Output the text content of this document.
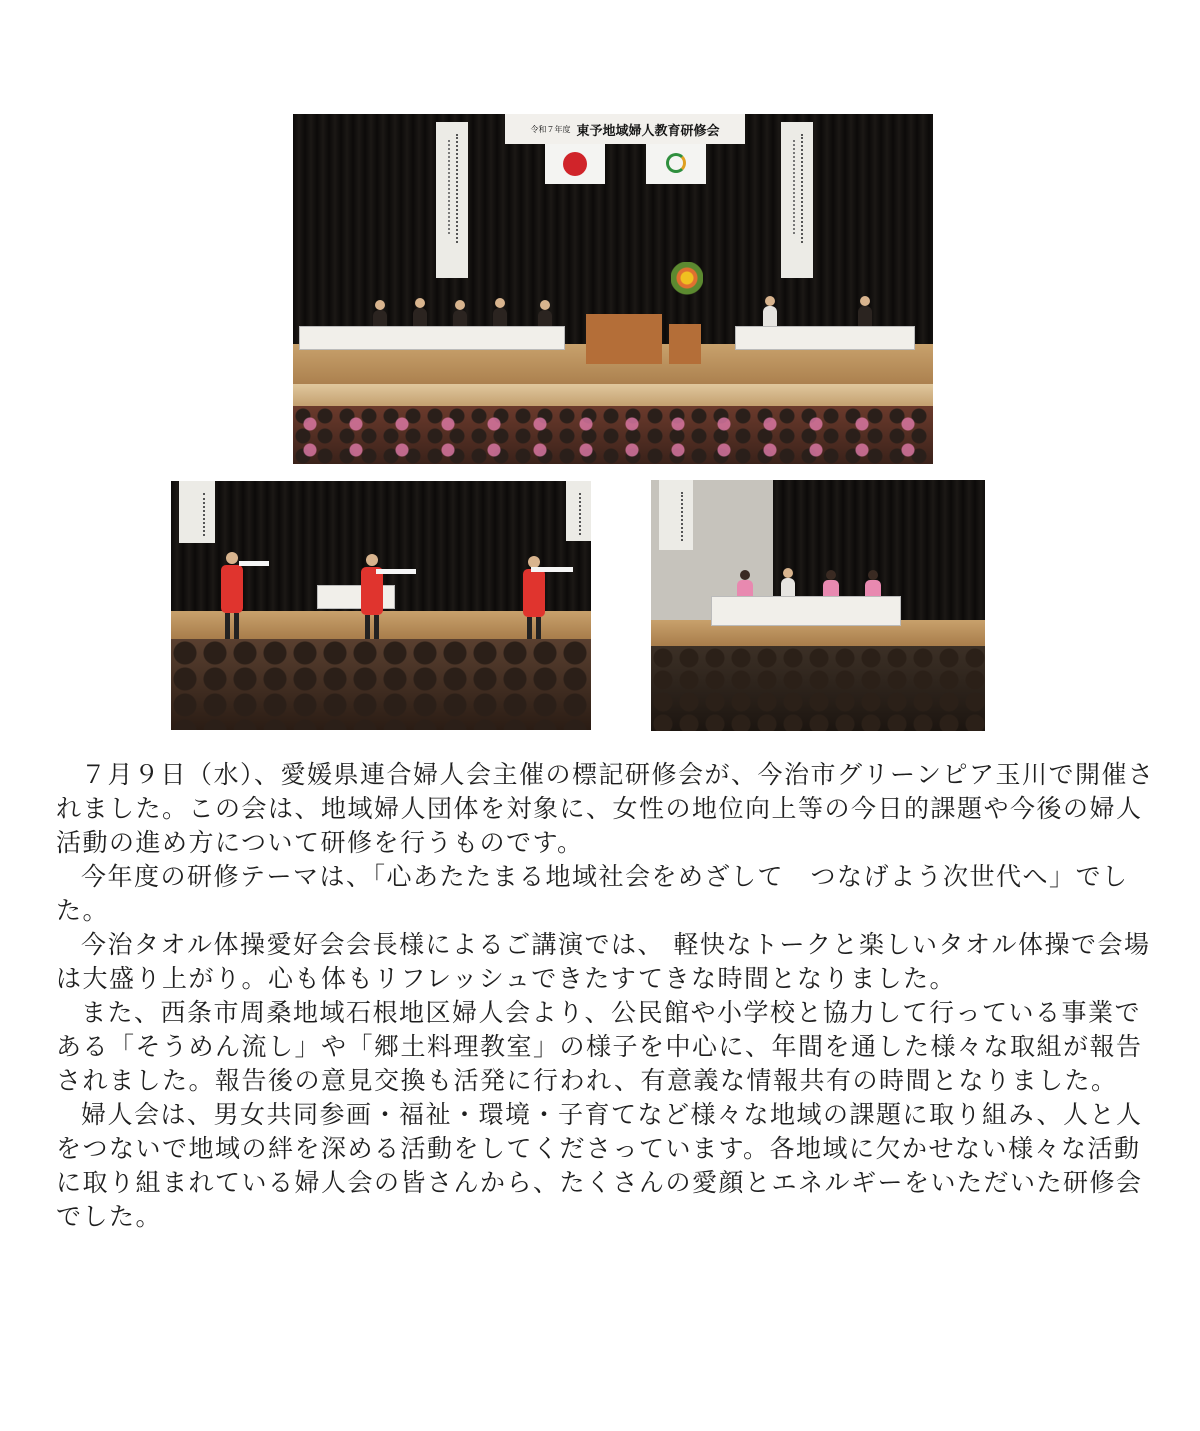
令和７年度 東予地域婦人教育研修会

７月９日（水）、愛媛県連合婦人会主催の標記研修会が、今治市グリーンピア玉川で開催されました。この会は、地域婦人団体を対象に、女性の地位向上等の今日的課題や今後の婦人活動の進め方について研修を行うものです。

今年度の研修テーマは、「心あたたまる地域社会をめざして　つなげよう次世代へ」でした。

今治タオル体操愛好会会長様によるご講演では、 軽快なトークと楽しいタオル体操で会場は大盛り上がり。心も体もリフレッシュできたすてきな時間となりました。

また、西条市周桑地域石根地区婦人会より、公民館や小学校と協力して行っている事業である「そうめん流し」や「郷土料理教室」の様子を中心に、年間を通した様々な取組が報告されました。報告後の意見交換も活発に行われ、有意義な情報共有の時間となりました。

婦人会は、男女共同参画・福祉・環境・子育てなど様々な地域の課題に取り組み、人と人をつないで地域の絆を深める活動をしてくださっています。各地域に欠かせない様々な活動に取り組まれている婦人会の皆さんから、たくさんの愛顔とエネルギーをいただいた研修会でした。
